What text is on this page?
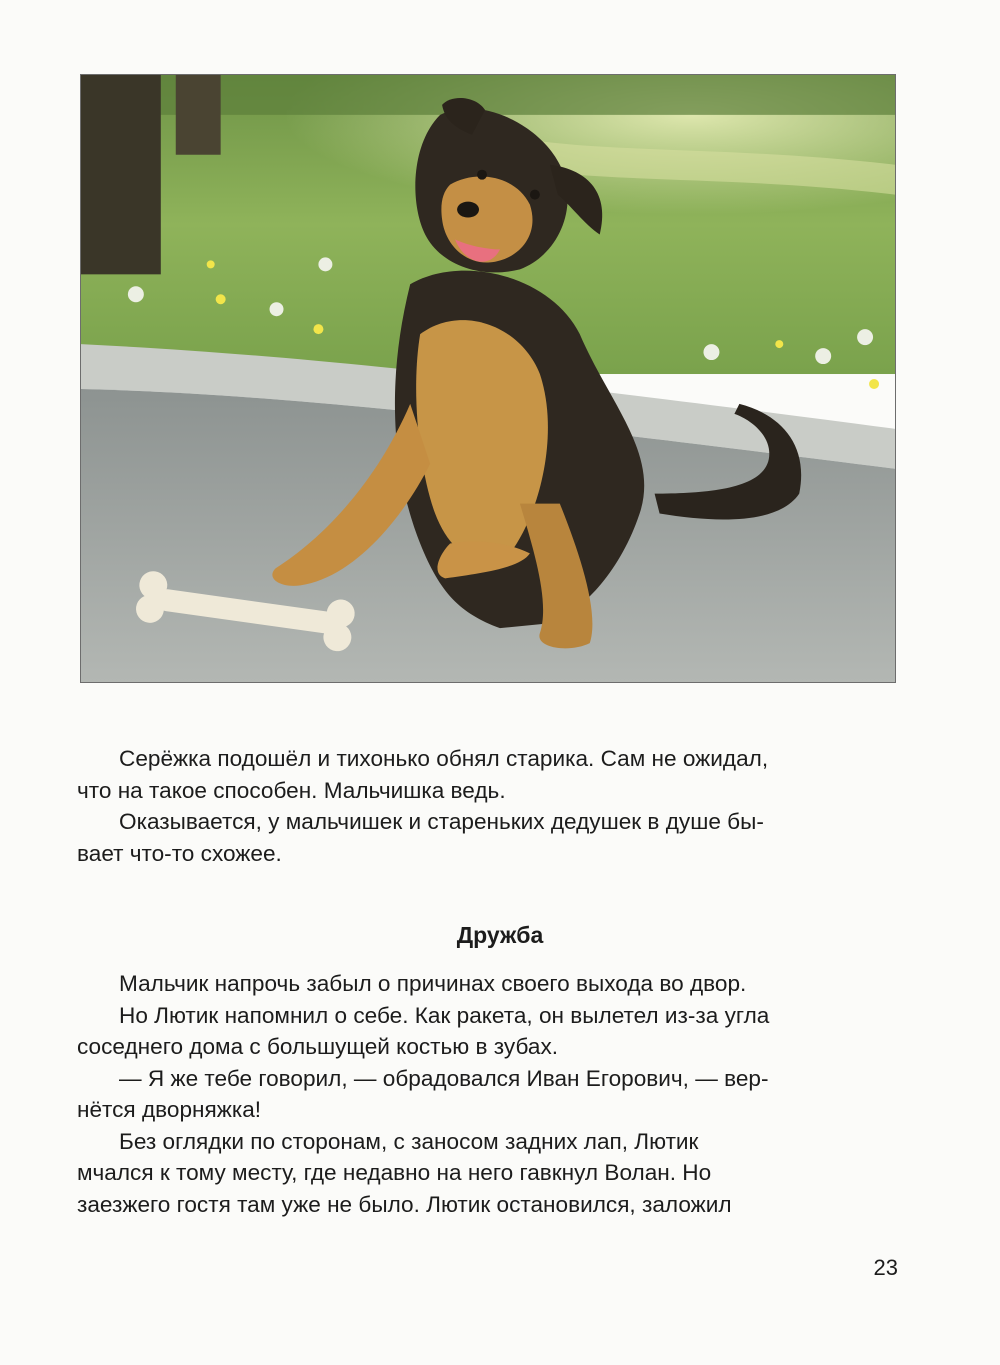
Серёжка подошёл и тихонько обнял старика. Сам не ожидал,
что на такое способен. Мальчишка ведь.
Оказывается, у мальчишек и старeньких дедушек в душе бы-
вает что-то схожее.
Дружба
Мальчик напрочь забыл о причинах своего выхода во двор.
Но Лютик напомнил о себе. Как ракета, он вылетел из-за угла
соседнего дома с большущей костью в зубах.
— Я же тебе говорил, — обрадовался Иван Егорович, — вер-
нётся дворняжка!
Без оглядки по сторонам, с заносом задних лап, Лютик
мчался к тому месту, где недавно на него гавкнул Волан. Но
заезжего гостя там уже не было. Лютик остановился, заложил
23
